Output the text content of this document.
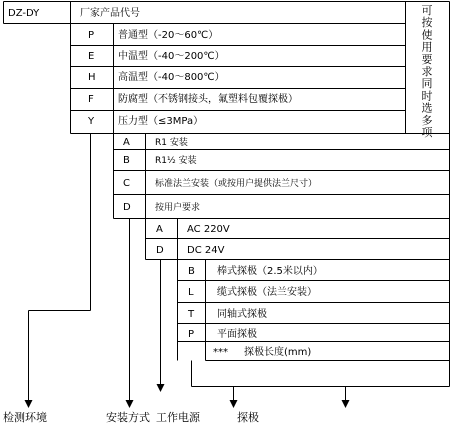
DZ-DY	厂家产品代号	可按使用要求同时选多项
P 普通型（-20～60℃）
E 中温型（-40～200℃）
H 高温型（-40～800℃）
F 防腐型（不锈钢接头，氟塑料包覆探极）
Y 压力型（≤3MPa）
A	R1 安装
B	R1½ 安装
C	标准法兰安装（或按用户提供法兰尺寸）
D	按用户要求
A AC 220V
D DC 24V
B 棒式探极（2.5米以内）
L 缆式探极（法兰安装）
T 同轴式探极
P 平面探极
*** 探极长度(mm)
检测环境	安装方式 工作电源	探极
